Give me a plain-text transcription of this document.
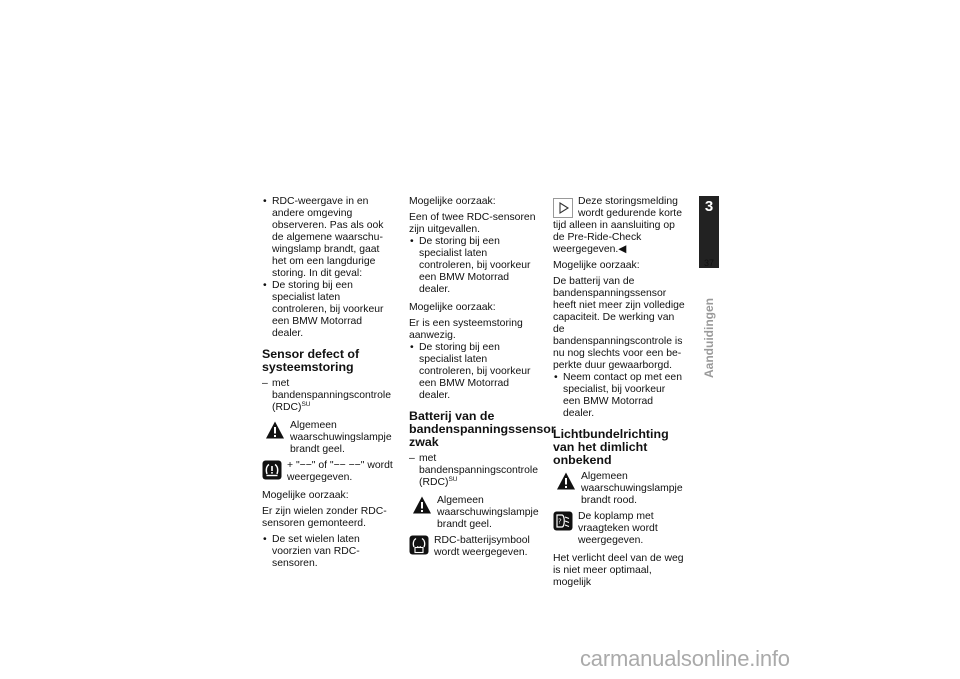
• RDC-weergave in en andere omgeving observeren. Pas als ook de algemene waarschuwingslamp brandt, gaat het om een langdurige storing. In dit geval:

• De storing bij een specialist laten controleren, bij voorkeur een BMW Motorrad dealer.

Sensor defect of systeemstoring

– met bandenspanningscontrole (RDC)$^{SU}$

Algemeen waarschuwingslampje brandt geel.
+ "−−" of "−− −−" wordt weergegeven.

Mogelijke oorzaak:

Er zijn wielen zonder RDC-sensoren gemonteerd.

• De set wielen laten voorzien van RDC-sensoren.

Mogelijke oorzaak:

Een of twee RDC-sensoren zijn uitgevallen.

• De storing bij een specialist laten controleren, bij voorkeur een BMW Motorrad dealer.

Mogelijke oorzaak:

Er is een systeemstoring aanwezig.

• De storing bij een specialist laten controleren, bij voorkeur een BMW Motorrad dealer.

Batterij van de bandenspanningssensor zwak

– met bandenspanningscontrole (RDC)$^{SU}$

Algemeen waarschuwingslampje brandt geel.
RDC-batterijsymbool wordt weergegeven.
Deze storingsmelding wordt gedurende korte tijd alleen in aansluiting op de Pre-Ride-Check weergegeven.◀

Mogelijke oorzaak:

De batterij van de bandenspanningssensor heeft niet meer zijn volledige capaciteit. De werking van de bandenspanningscontrole is nu nog slechts voor een beperkte duur gewaarborgd.

• Neem contact op met een specialist, bij voorkeur een BMW Motorrad dealer.

Lichtbundelrichting van het dimlicht onbekend
Algemeen waarschuwingslampje brandt rood.
? De koplamp met vraagteken wordt weergegeven.

Het verlicht deel van de weg is niet meer optimaal, mogelijk

3
37
Aanduidingen
carmanualsonline.info
